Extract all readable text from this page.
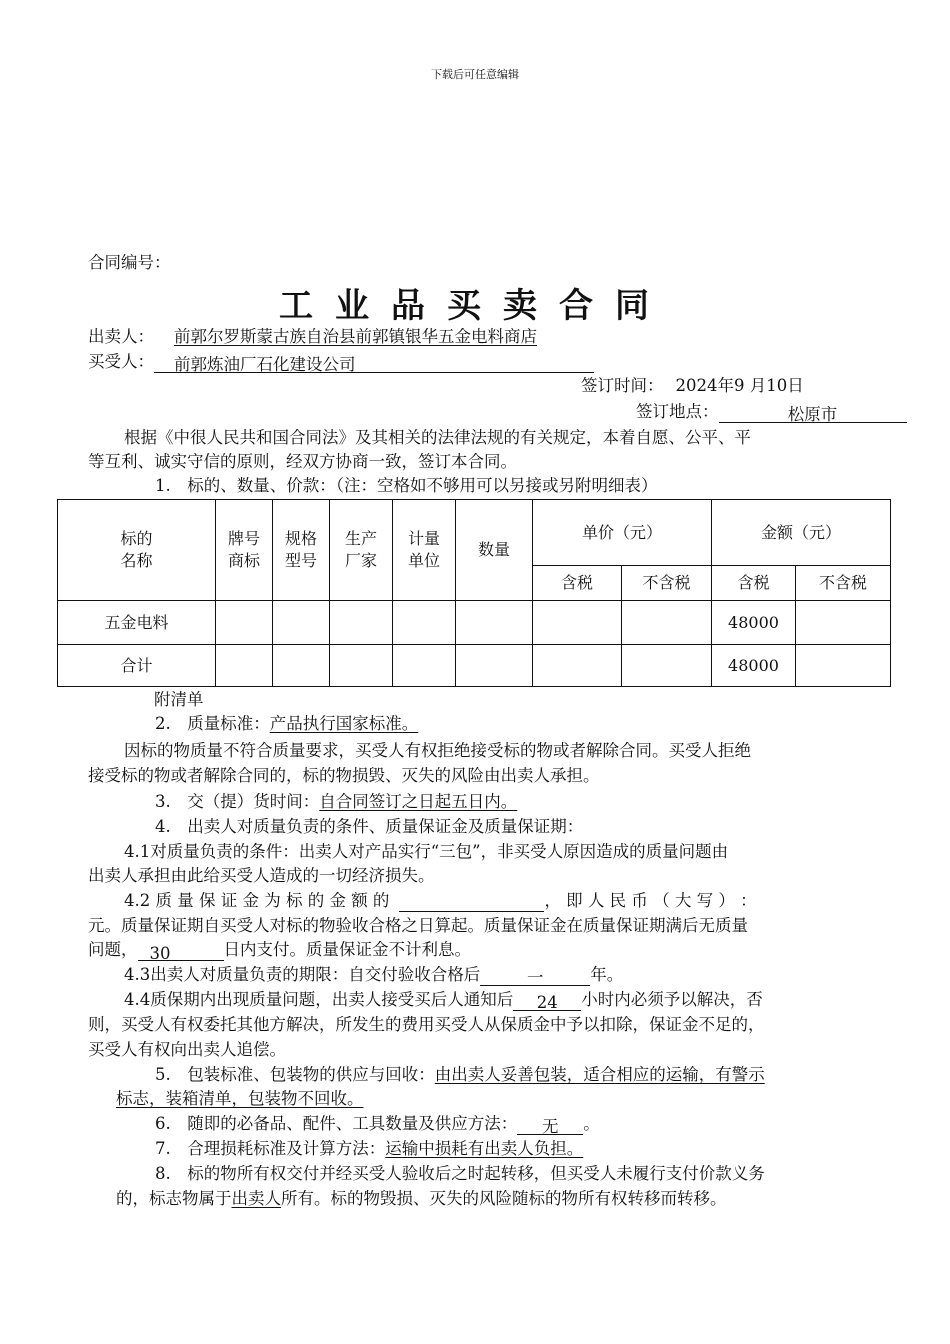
下载后可任意编辑
合同编号：
工业品买卖合同
出卖人： 前郭尔罗斯蒙古族自治县前郭镇银华五金电料商店
买受人： 前郭炼油厂石化建设公司
签订时间： 2024年9 月10日
签订地点：	松原市
根据《中很人民共和国合同法》及其相关的法律法规的有关规定，本着自愿、公平、平
等互利、诚实守信的原则，经双方协商一致，签订本合同。
1.　标的、数量、价款：（注：空格如不够用可以另接或另附明细表）
标的名称	牌号商标	规格型号	生产厂家	计量单位	数量	单价（元）		金额（元）	
						含税	不含税	含税	不含税
五金电料								48000	
合计								48000	
附清单
2.　质量标准：产品执行国家标准。
因标的物质量不符合质量要求，买受人有权拒绝接受标的物或者解除合同。买受人拒绝
接受标的物或者解除合同的，标的物损毁、灭失的风险由出卖人承担。
3.　交（提）货时间：自合同签订之日起五日内。
4.　出卖人对质量负责的条件、质量保证金及质量保证期：
4.1对质量负责的条件：出卖人对产品实行“三包”，非买受人原因造成的质量问题由
出卖人承担由此给买受人造成的一切经济损失。
4.2 质 量 保 证 金 为 标 的 金 额 的	， 即 人 民 币 （ 大 写 ） ：
元。质量保证期自买受人对标的物验收合格之日算起。质量保证金在质量保证期满后无质量
问题， 30	日内支付。质量保证金不计利息。
4.3出卖人对质量负责的期限：自交付验收合格后	一	年。
4.4质保期内出现质量问题，出卖人接受买后人通知后 24 小时内必须予以解决，否
则，买受人有权委托其他方解决，所发生的费用买受人从保质金中予以扣除，保证金不足的，
买受人有权向出卖人追偿。
5.　包装标准、包装物的供应与回收：由出卖人妥善包装，适合相应的运输，有警示
标志，装箱清单，包装物不回收。
6.　随即的必备品、配件、工具数量及供应方法： 无 。
7.　合理损耗标准及计算方法：运输中损耗有出卖人负担。
8.　标的物所有权交付并经买受人验收后之时起转移，但买受人未履行支付价款义务
的，标志物属于出卖人所有。标的物毁损、灭失的风险随标的物所有权转移而转移。
